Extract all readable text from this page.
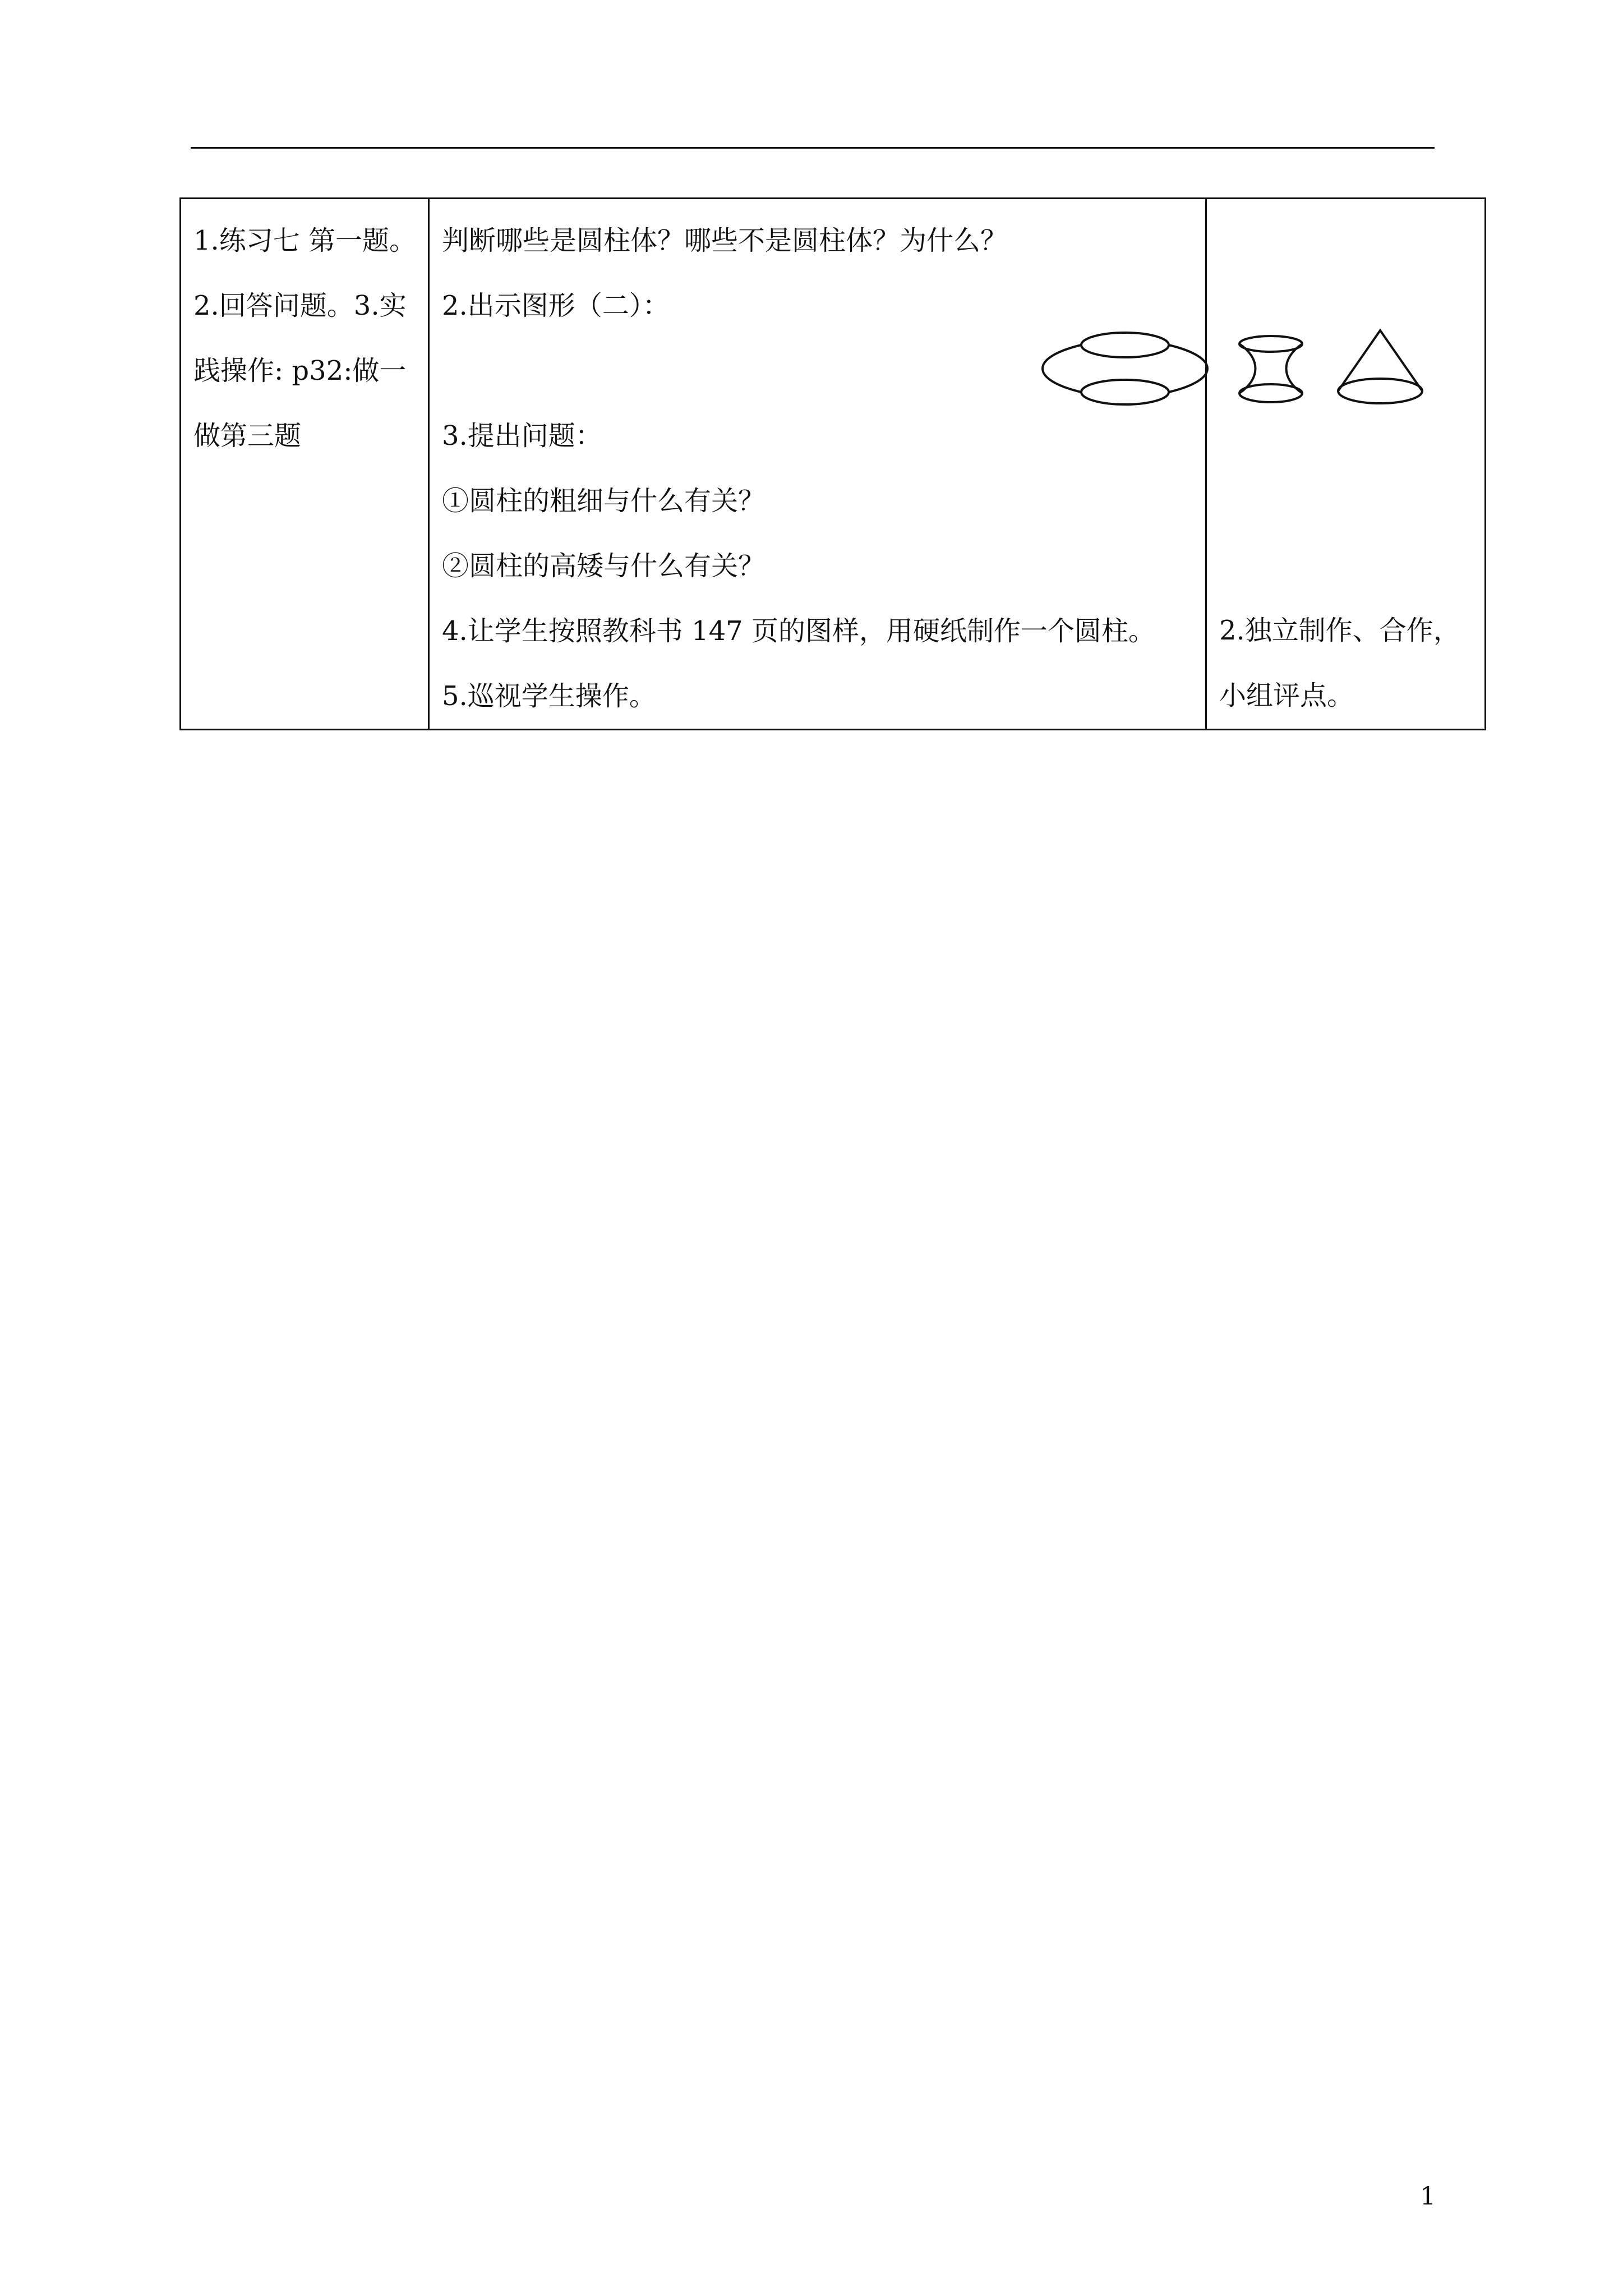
1.练习七 第一题。
2.回答问题。3.实
践操作: p32:做一
做第三题

判断哪些是圆柱体？哪些不是圆柱体？为什么？
2.出示图形（二）：
3.提出问题：
➀圆柱的粗细与什么有关？
➁圆柱的高矮与什么有关？
4.让学生按照教科书 147 页的图样，用硬纸制作一个圆柱。
5.巡视学生操作。

2.独立制作、合作，
小组评点。
1
